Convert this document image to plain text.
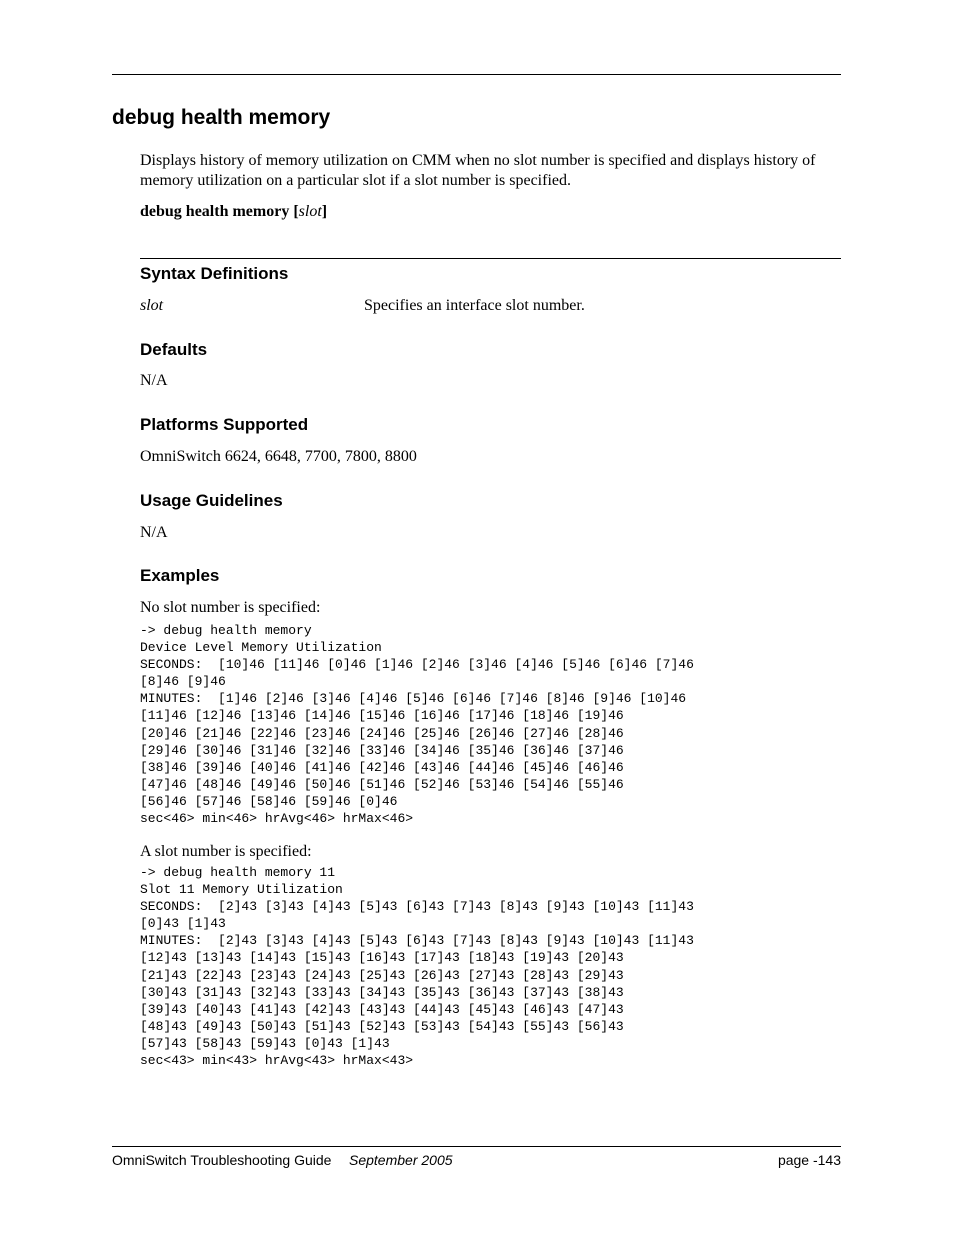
debug health memory
Displays history of memory utilization on CMM when no slot number is specified and displays history of memory utilization on a particular slot if a slot number is specified.
debug health memory [slot]
Syntax Definitions
slot	Specifies an interface slot number.
Defaults
N/A
Platforms Supported
OmniSwitch 6624, 6648, 7700, 7800, 8800
Usage Guidelines
N/A
Examples
No slot number is specified:
-> debug health memory
Device Level Memory Utilization
SECONDS:  [10]46 [11]46 [0]46 [1]46 [2]46 [3]46 [4]46 [5]46 [6]46 [7]46
[8]46 [9]46
MINUTES:  [1]46 [2]46 [3]46 [4]46 [5]46 [6]46 [7]46 [8]46 [9]46 [10]46
[11]46 [12]46 [13]46 [14]46 [15]46 [16]46 [17]46 [18]46 [19]46
[20]46 [21]46 [22]46 [23]46 [24]46 [25]46 [26]46 [27]46 [28]46
[29]46 [30]46 [31]46 [32]46 [33]46 [34]46 [35]46 [36]46 [37]46
[38]46 [39]46 [40]46 [41]46 [42]46 [43]46 [44]46 [45]46 [46]46
[47]46 [48]46 [49]46 [50]46 [51]46 [52]46 [53]46 [54]46 [55]46
[56]46 [57]46 [58]46 [59]46 [0]46
sec<46> min<46> hrAvg<46> hrMax<46>
A slot number is specified:
-> debug health memory 11
Slot 11 Memory Utilization
SECONDS:  [2]43 [3]43 [4]43 [5]43 [6]43 [7]43 [8]43 [9]43 [10]43 [11]43
[0]43 [1]43
MINUTES:  [2]43 [3]43 [4]43 [5]43 [6]43 [7]43 [8]43 [9]43 [10]43 [11]43
[12]43 [13]43 [14]43 [15]43 [16]43 [17]43 [18]43 [19]43 [20]43
[21]43 [22]43 [23]43 [24]43 [25]43 [26]43 [27]43 [28]43 [29]43
[30]43 [31]43 [32]43 [33]43 [34]43 [35]43 [36]43 [37]43 [38]43
[39]43 [40]43 [41]43 [42]43 [43]43 [44]43 [45]43 [46]43 [47]43
[48]43 [49]43 [50]43 [51]43 [52]43 [53]43 [54]43 [55]43 [56]43
[57]43 [58]43 [59]43 [0]43 [1]43
sec<43> min<43> hrAvg<43> hrMax<43>
OmniSwitch Troubleshooting Guide September 2005	page -143
